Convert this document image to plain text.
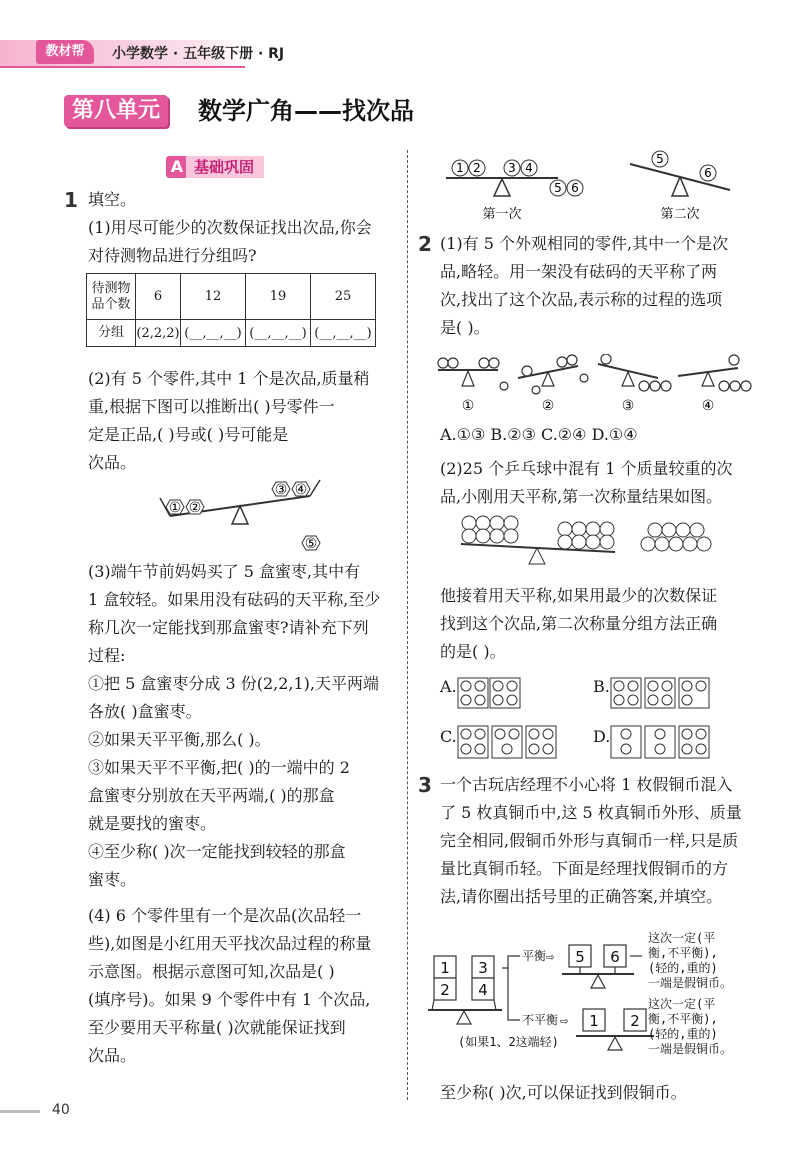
教材帮	小学数学 · 五年级下册 · RJ
第八单元	数学广角——找次品
A 基础巩固
1 填空。
(1)用尽可能少的次数保证找出次品,你会
对待测物品进行分组吗?
待测物
品个数	6	12	19	25
分组	(2,2,2)	(__,__,__)	(__,__,__)	(__,__,__)
(2)有 5 个零件,其中 1 个是次品,质量稍
重,根据下图可以推断出( )号零件一
定是正品,( )号或( )号可能是
次品。
① ②
③ ④
⑤
(3)端午节前妈妈买了 5 盒蜜枣,其中有
1 盒较轻。如果用没有砝码的天平称,至少
称几次一定能找到那盒蜜枣?请补充下列
过程:
①把 5 盒蜜枣分成 3 份(2,2,1),天平两端
各放( )盒蜜枣。
②如果天平平衡,那么( )。
③如果天平不平衡,把( )的一端中的 2
盒蜜枣分别放在天平两端,( )的那盒
就是要找的蜜枣。
④至少称( )次一定能找到较轻的那盒
蜜枣。
(4) 6 个零件里有一个是次品(次品轻一
些),如图是小红用天平找次品过程的称量
示意图。根据示意图可知,次品是( )
(填序号)。如果 9 个零件中有 1 个次品,
至少要用天平称量( )次就能保证找到
次品。
1 2 3 4
5 6
第一次
5
6
第二次
2 (1)有 5 个外观相同的零件,其中一个是次
品,略轻。用一架没有砝码的天平称了两
次,找出了这个次品,表示称的过程的选项
是( )。
①	②	③	④
A.①③ B.②③ C.②④ D.①④
(2)25 个乒乓球中混有 1 个质量较重的次
品,小刚用天平称,第一次称量结果如图。
他接着用天平称,如果用最少的次数保证
找到这个次品,第二次称量分组方法正确
的是( )。
A.	B.
C.	D.
3 一个古玩店经理不小心将 1 枚假铜币混入
了 5 枚真铜币中,这 5 枚真铜币外形、质量
完全相同,假铜币外形与真铜币一样,只是质
量比真铜币轻。下面是经理找假铜币的方
法,请你圈出括号里的正确答案,并填空。
1
2
3
4
5 6
1 2
平衡 ⇨
不平衡 ⇨
(如果1、2这端轻)
这次一定(平
衡,不平衡),
(轻的,重的)
一端是假铜币。
这次一定(平
衡,不平衡),
(轻的,重的)
一端是假铜币。
至少称( )次,可以保证找到假铜币。
40
